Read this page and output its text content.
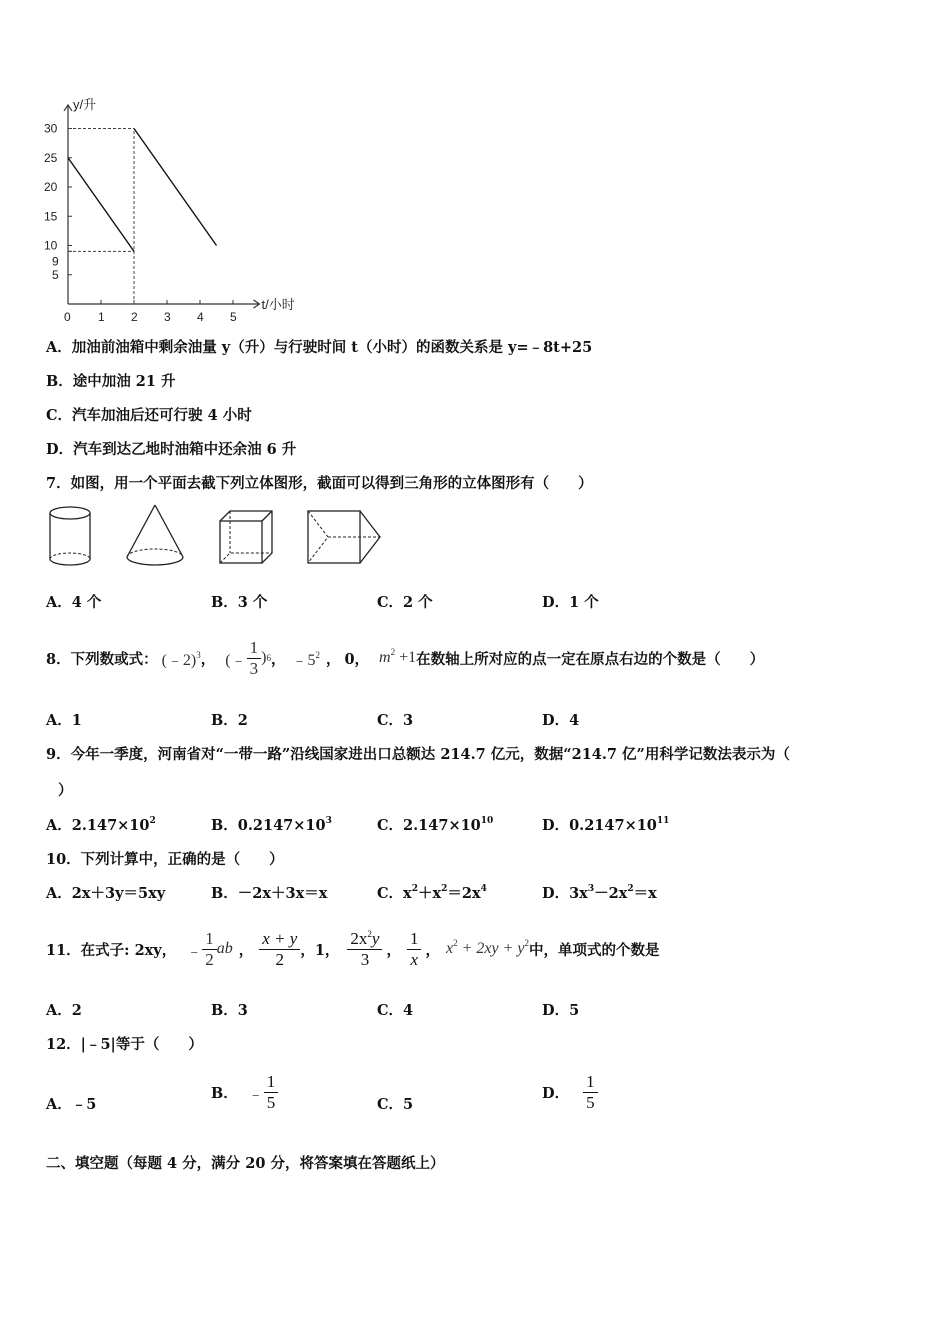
0 1 2 3 4 5
5
9
10
15
20
25
30
y/升
t/小时
A．加油前油箱中剩余油量 y（升）与行驶时间 t（小时）的函数关系是 y=﹣8t+25
B．途中加油 21 升
C．汽车加油后还可行驶 4 小时
D．汽车到达乙地时油箱中还余油 6 升
7．如图，用一个平面去截下列立体图形，截面可以得到三角形的立体图形有（　　）
A．4 个	B．3 个	C．2 个	D．1 个
8．下列数或式： (﹣2)$^3$ ， (﹣ $\frac{1}{3}$ ) 6 ， $﹣5^2$ ， 0， $m^2 +1$ 在数轴上所对应的点一定在原点右边的个数是（　　）
A．1	B．2	C．3	D．4
9．今年一季度，河南省对“一带一路”沿线国家进出口总额达 214.7 亿元，数据“214.7 亿”用科学记数法表示为（
）
A．$2.147\times 10^2$	B．$0.2147\times 10^3$	C．$2.147\times 10^{10}$	D．$0.2147\times 10^{11}$
10．下列计算中，正确的是（　　）
A．2x＋3y＝5xy	B．－2x＋3x＝x	C．$x^2+x^2=2x^4$	D．$3x^3-2x^2=x$
11．在式子: 2xy， ﹣ $\frac{1}{2}$ ab ， $\frac{x + y}{2}$ ，1， $\frac{2x^2y}{3}$ ， $\frac{1}{x}$ ， $x^2 + 2xy + y^2$ 中，单项式的个数是
A．2	B．3	C．4	D．5
12．|﹣5|等于（　　）
A．﹣5
B． ﹣ $\frac{1}{5}$	C．5
D． $\frac{1}{5}$
二、填空题（每题 4 分，满分 20 分，将答案填在答题纸上）
